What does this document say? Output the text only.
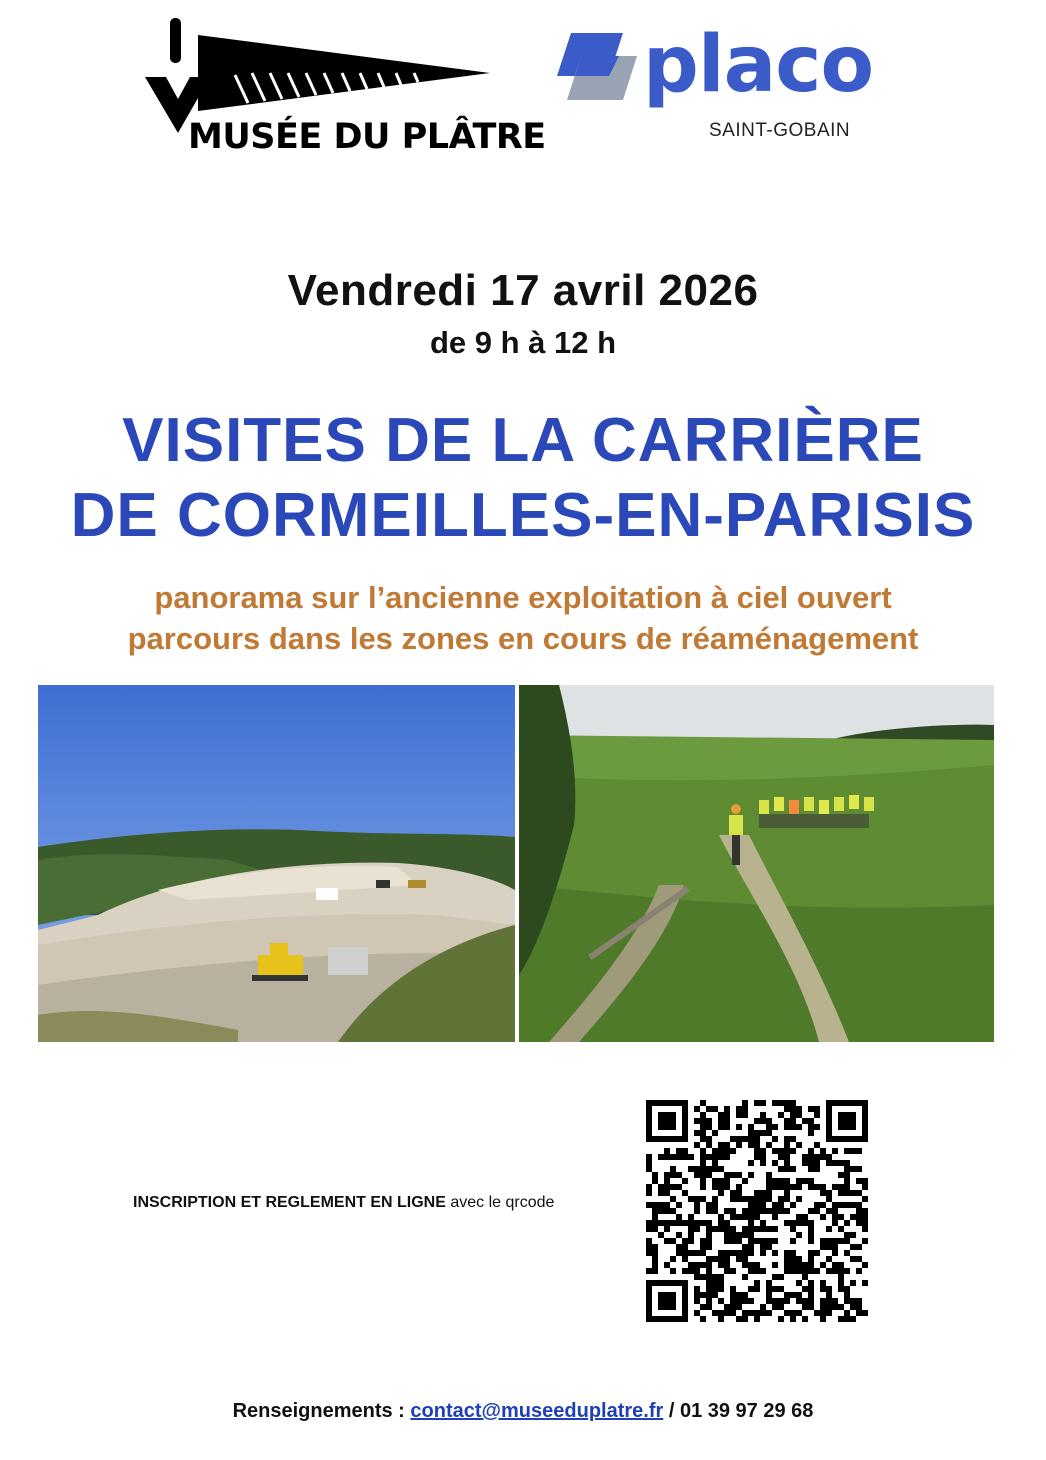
MUSÉE DU PLÂTRE
placo
SAINT-GOBAIN
Vendredi 17 avril 2026
de 9 h à 12 h
VISITES DE LA CARRIÈRE
DE CORMEILLES-EN-PARISIS
panorama sur l’ancienne exploitation à ciel ouvert
parcours dans les zones en cours de réaménagement
INSCRIPTION ET REGLEMENT EN LIGNE avec le qrcode
Renseignements : contact@museeduplatre.fr / 01 39 97 29 68
